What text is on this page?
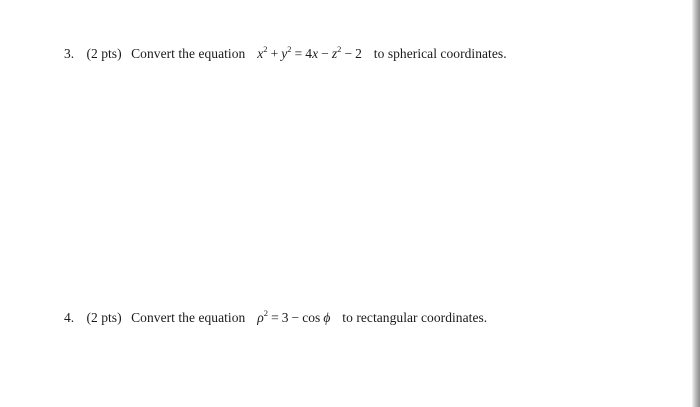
3. (2 pts) Convert the equation $x^2 + y^2 = 4x - z^2 - 2$ to spherical coordinates.
4. (2 pts) Convert the equation $\rho^2 = 3 - \cos \phi$ to rectangular coordinates.
